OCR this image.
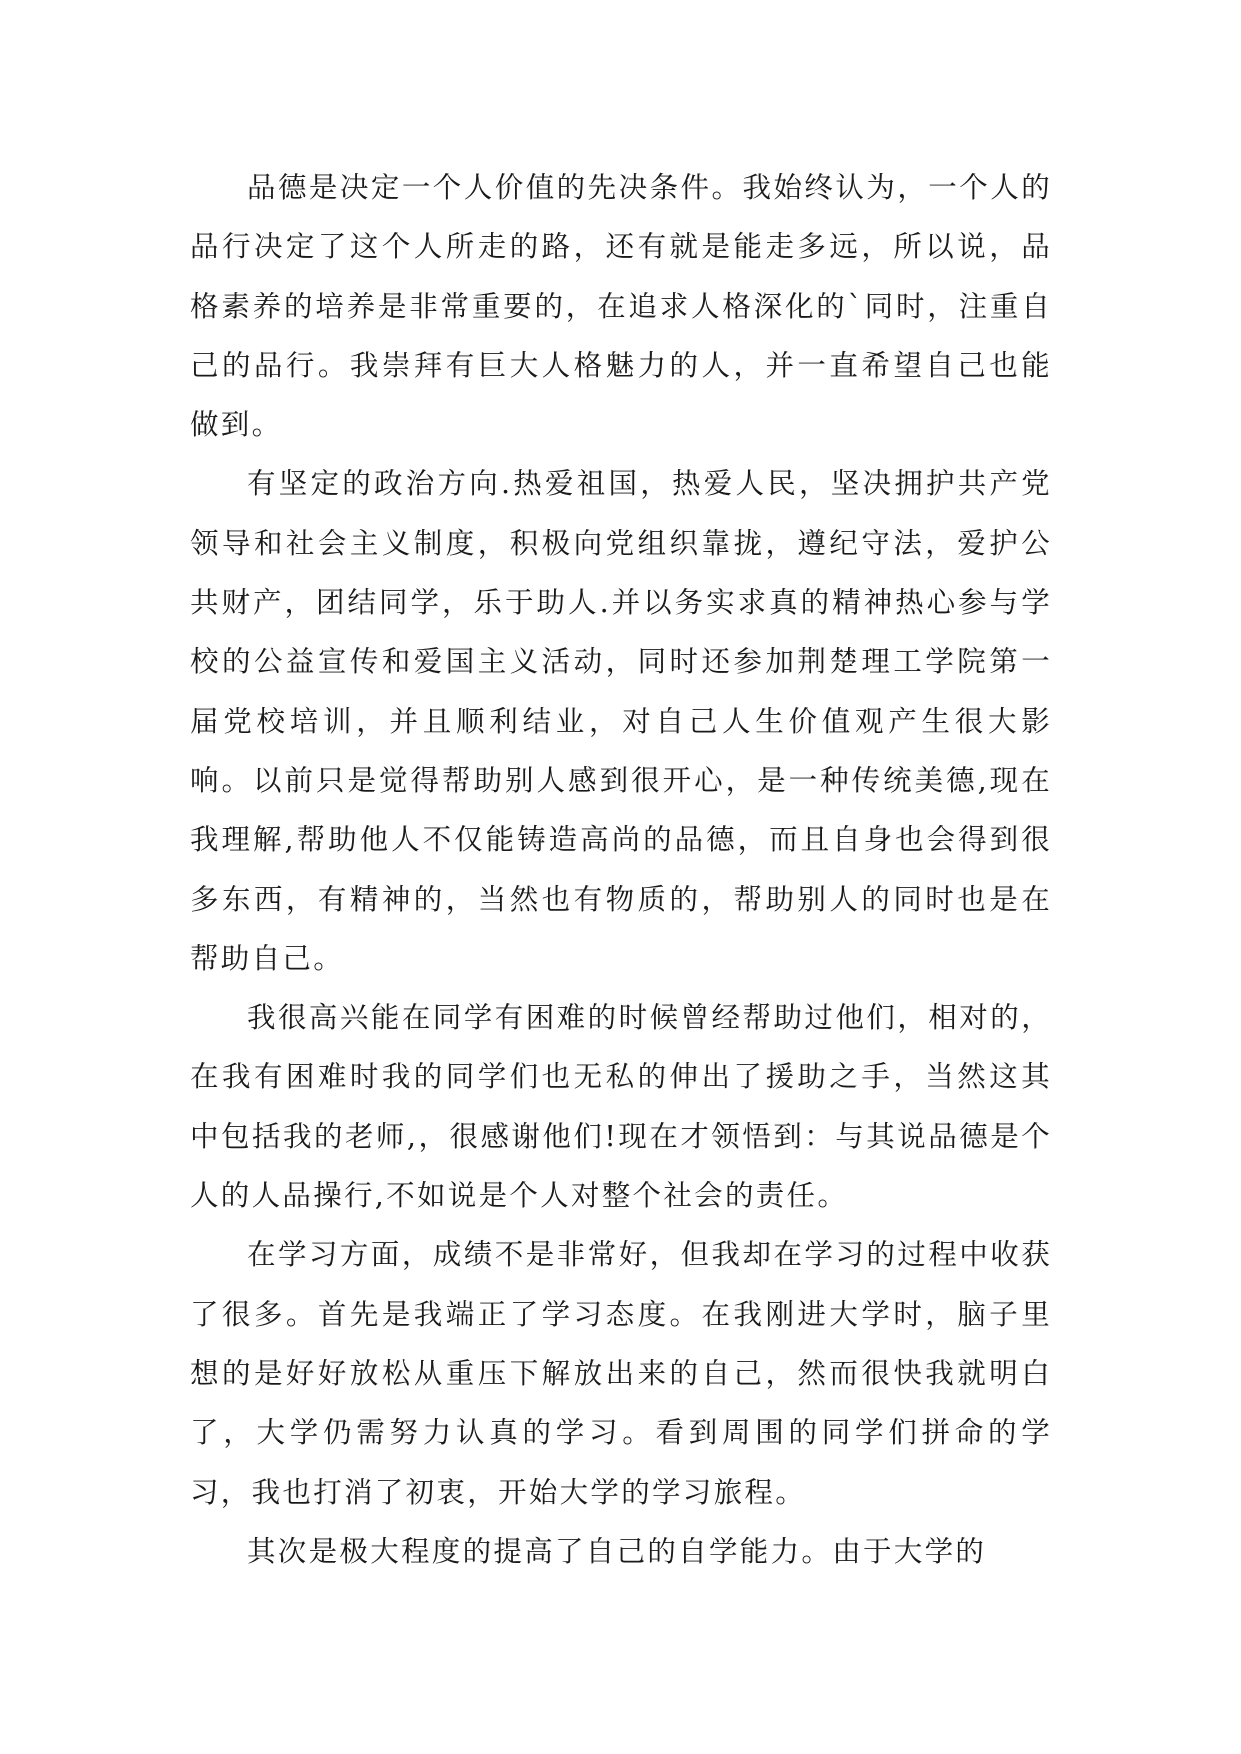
品德是决定一个人价值的先决条件。我始终认为，一个人的品行决定了这个人所走的路，还有就是能走多远，所以说，品格素养的培养是非常重要的，在追求人格深化的`同时，注重自己的品行。我崇拜有巨大人格魅力的人，并一直希望自己也能做到。

有坚定的政治方向.热爱祖国，热爱人民，坚决拥护共产党领导和社会主义制度，积极向党组织靠拢，遵纪守法，爱护公共财产，团结同学，乐于助人.并以务实求真的精神热心参与学校的公益宣传和爱国主义活动，同时还参加荆楚理工学院第一届党校培训，并且顺利结业，对自己人生价值观产生很大影响。以前只是觉得帮助别人感到很开心，是一种传统美德,现在我理解,帮助他人不仅能铸造高尚的品德，而且自身也会得到很多东西，有精神的，当然也有物质的，帮助别人的同时也是在帮助自己。

我很高兴能在同学有困难的时候曾经帮助过他们，相对的，在我有困难时我的同学们也无私的伸出了援助之手，当然这其中包括我的老师,，很感谢他们!现在才领悟到：与其说品德是个人的人品操行,不如说是个人对整个社会的责任。

在学习方面，成绩不是非常好，但我却在学习的过程中收获了很多。首先是我端正了学习态度。在我刚进大学时，脑子里想的是好好放松从重压下解放出来的自己，然而很快我就明白了，大学仍需努力认真的学习。看到周围的同学们拼命的学习，我也打消了初衷，开始大学的学习旅程。

其次是极大程度的提高了自己的自学能力。由于大学的
